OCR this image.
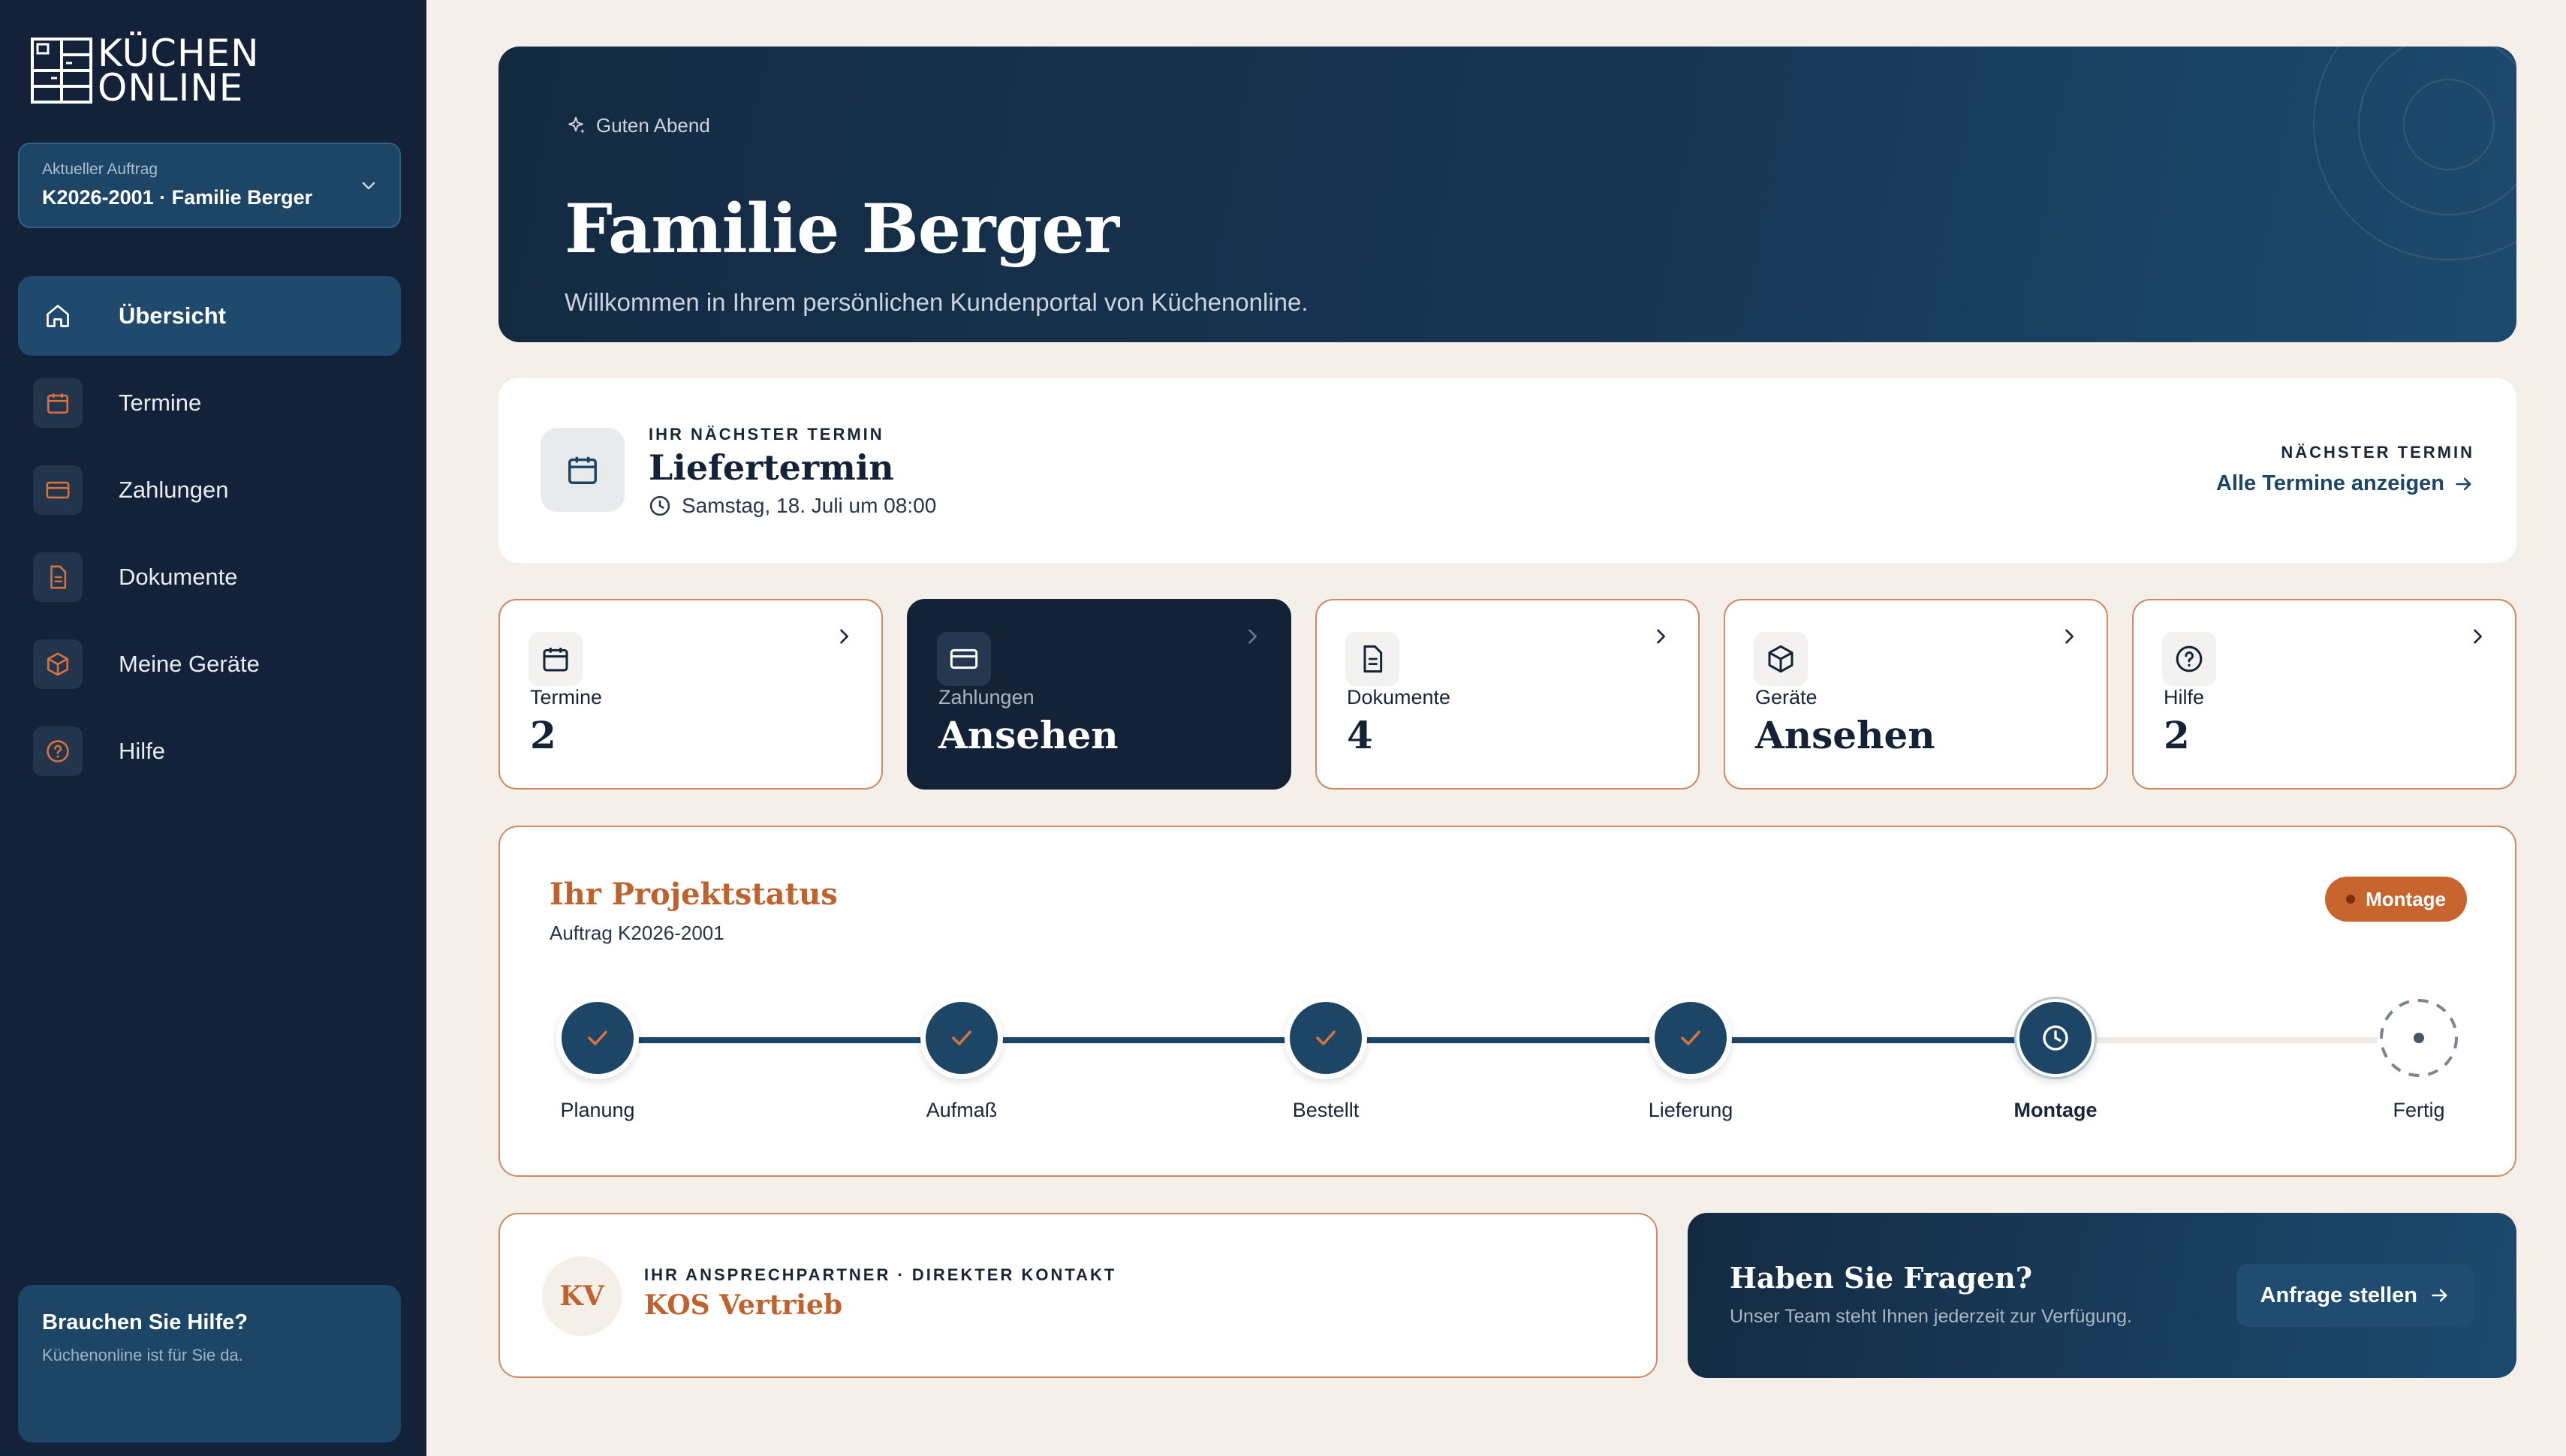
KÜCHEN
ONLINE
Aktueller Auftrag
K2026-2001 · Familie Berger
Übersicht
Termine
Zahlungen
Dokumente
Meine Geräte
Hilfe
Brauchen Sie Hilfe?
Küchenonline ist für Sie da.
Guten Abend
Familie Berger
Willkommen in Ihrem persönlichen Kundenportal von Küchenonline.
IHR NÄCHSTER TERMIN
Liefertermin
Samstag, 18. Juli um 08:00
NÄCHSTER TERMIN
Alle Termine anzeigen
Termine
2
Zahlungen
Ansehen
Dokumente
4
Geräte
Ansehen
Hilfe
2
Ihr Projektstatus
Auftrag K2026-2001
Montage
Planung	Aufmaß	Bestellt	Lieferung	Montage	Fertig
KV
IHR ANSPRECHPARTNER · DIREKTER KONTAKT
KOS Vertrieb
Haben Sie Fragen?
Unser Team steht Ihnen jederzeit zur Verfügung.
Anfrage stellen
